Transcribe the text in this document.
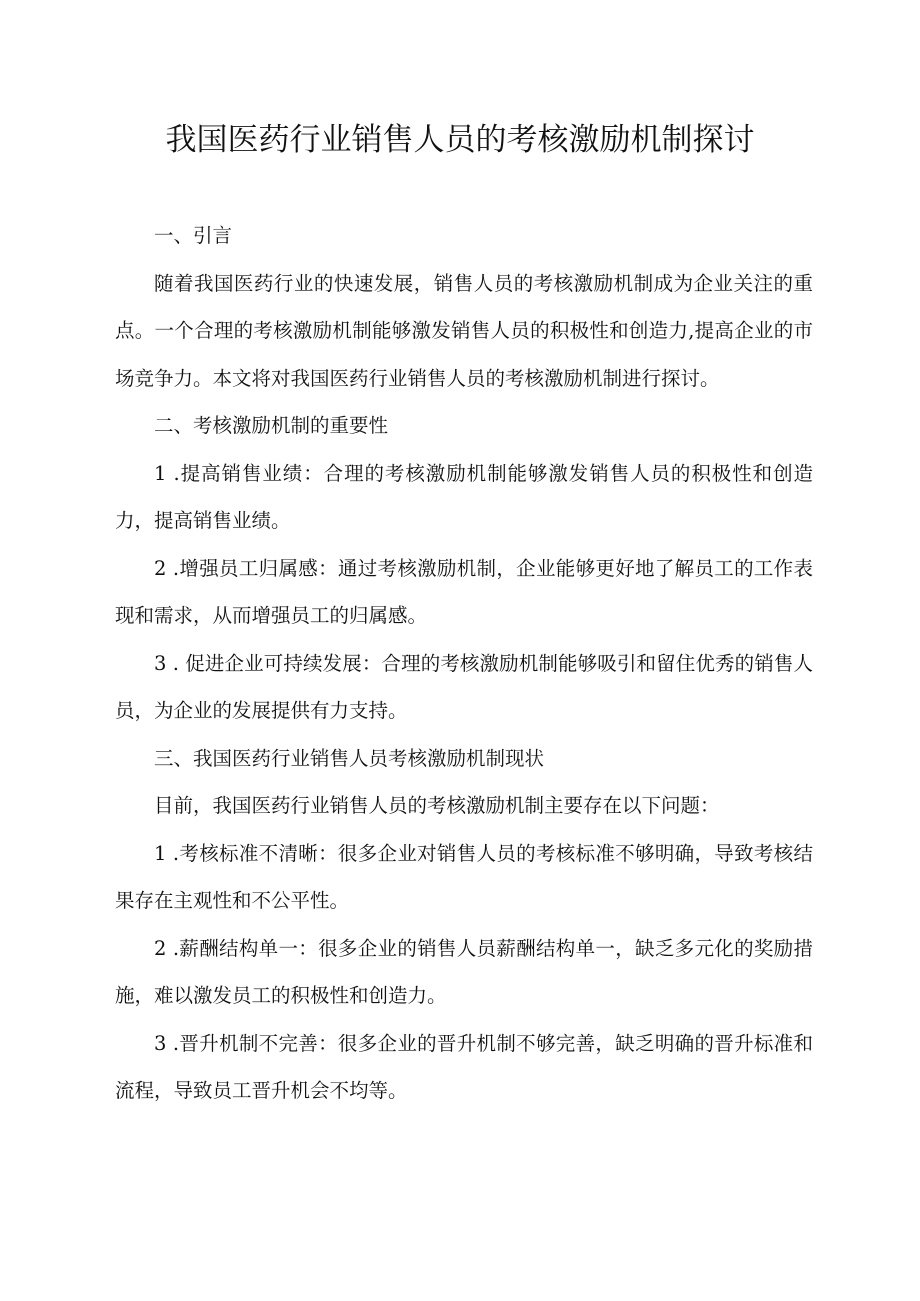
我国医药行业销售人员的考核激励机制探讨

一、引言

随着我国医药行业的快速发展，销售人员的考核激励机制成为企业关注的重点。一个合理的考核激励机制能够激发销售人员的积极性和创造力,提高企业的市场竞争力。本文将对我国医药行业销售人员的考核激励机制进行探讨。

二、考核激励机制的重要性

1 .提高销售业绩：合理的考核激励机制能够激发销售人员的积极性和创造力，提高销售业绩。

2 .增强员工归属感：通过考核激励机制，企业能够更好地了解员工的工作表现和需求，从而增强员工的归属感。

3 . 促进企业可持续发展：合理的考核激励机制能够吸引和留住优秀的销售人员，为企业的发展提供有力支持。

三、我国医药行业销售人员考核激励机制现状

目前，我国医药行业销售人员的考核激励机制主要存在以下问题：

1 .考核标准不清晰：很多企业对销售人员的考核标准不够明确，导致考核结果存在主观性和不公平性。

2 .薪酬结构单一：很多企业的销售人员薪酬结构单一，缺乏多元化的奖励措施，难以激发员工的积极性和创造力。

3 .晋升机制不完善：很多企业的晋升机制不够完善，缺乏明确的晋升标准和流程，导致员工晋升机会不均等。
